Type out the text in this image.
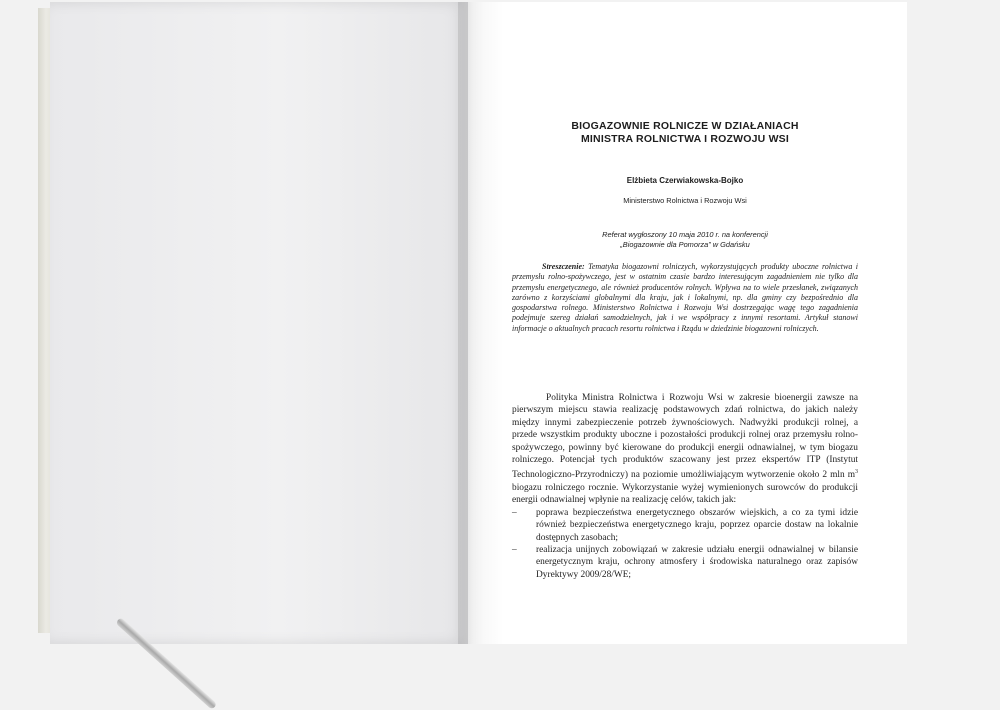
BIOGAZOWNIE ROLNICZE W DZIAŁANIACH
MINISTRA ROLNICTWA I ROZWOJU WSI
Elżbieta Czerwiakowska-Bojko
Ministerstwo Rolnictwa i Rozwoju Wsi
Referat wygłoszony 10 maja 2010 r. na konferencji
„Biogazownie dla Pomorza” w Gdańsku
Streszczenie: Tematyka biogazowni rolniczych, wykorzystujących produkty uboczne rolnictwa i przemysłu rolno-spożywczego, jest w ostatnim czasie bardzo interesującym zagadnieniem nie tylko dla przemysłu energetycznego, ale również producentów rolnych. Wpływa na to wiele przesłanek, związanych zarówno z korzyściami globalnymi dla kraju, jak i lokalnymi, np. dla gminy czy bezpośrednio dla gospodarstwa rolnego. Ministerstwo Rolnictwa i Rozwoju Wsi dostrzegając wagę tego zagadnienia podejmuje szereg działań samodzielnych, jak i we współpracy z innymi resortami. Artykuł stanowi informacje o aktualnych pracach resortu rolnictwa i Rządu w dziedzinie biogazowni rolniczych.

Polityka Ministra Rolnictwa i Rozwoju Wsi w zakresie bioenergii zawsze na pierwszym miejscu stawia realizację podstawowych zdań rolnictwa, do jakich należy między innymi zabezpieczenie potrzeb żywnościowych. Nadwyżki produkcji rolnej, a przede wszystkim produkty uboczne i pozostałości produkcji rolnej oraz przemysłu rolno-spożywczego, powinny być kierowane do produkcji energii odnawialnej, w tym biogazu rolniczego. Potencjał tych produktów szacowany jest przez ekspertów ITP (Instytut Technologiczno-Przyrodniczy) na poziomie umożliwiającym wytworzenie około 2 mln $m^3$ biogazu rolniczego rocznie. Wykorzystanie wyżej wymienionych surowców do produkcji energii odnawialnej wpłynie na realizację celów, takich jak:

– poprawa bezpieczeństwa energetycznego obszarów wiejskich, a co za tymi idzie również bezpieczeństwa energetycznego kraju, poprzez oparcie dostaw na lokalnie dostępnych zasobach;
– realizacja unijnych zobowiązań w zakresie udziału energii odnawialnej w bilansie energetycznym kraju, ochrony atmosfery i środowiska naturalnego oraz zapisów Dyrektywy 2009/28/WE;
